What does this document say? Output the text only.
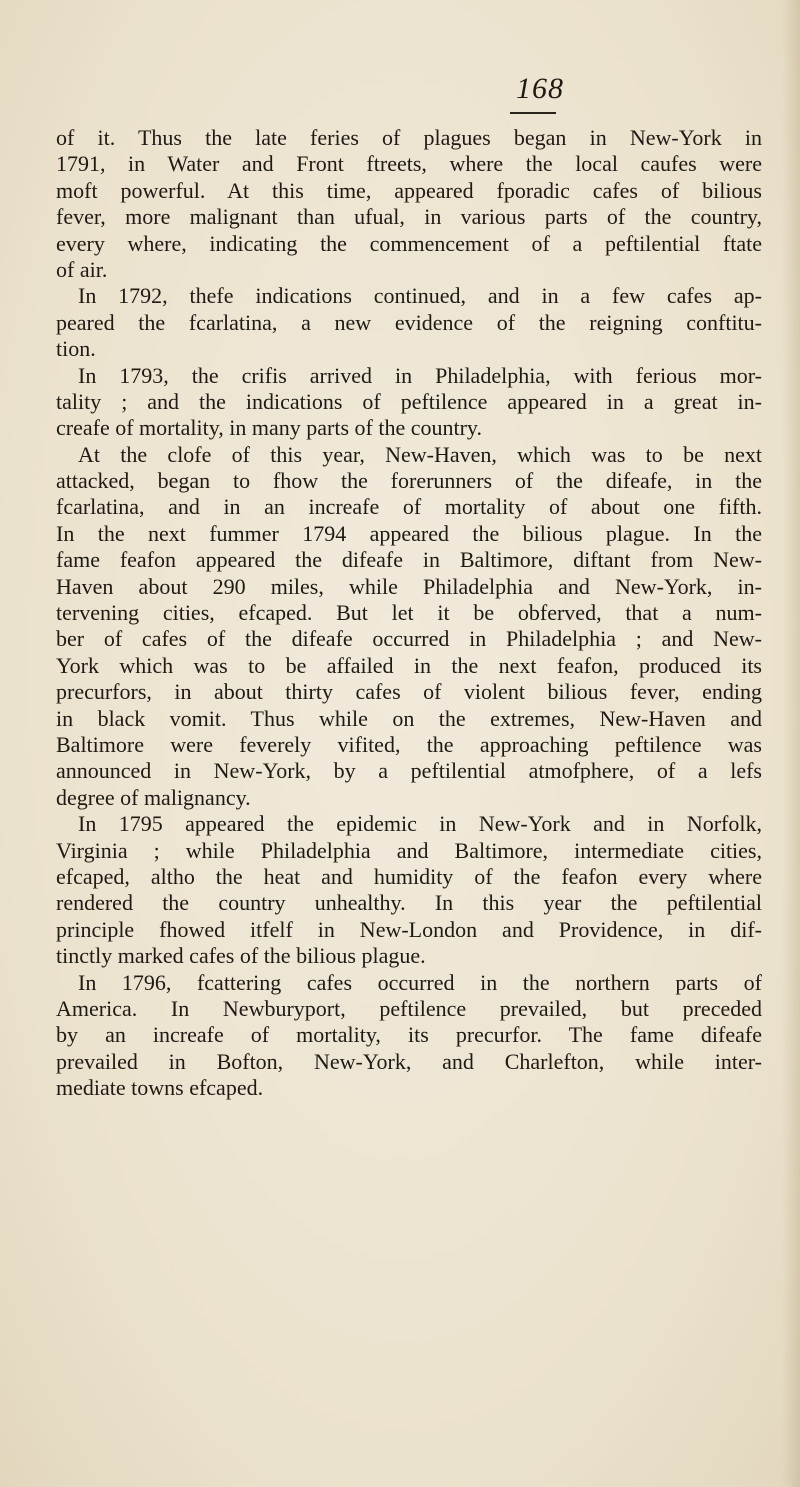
168
of it. Thus the late feries of plagues began in New-York in
1791, in Water and Front ftreets, where the local caufes were
moft powerful. At this time, appeared fporadic cafes of bilious
fever, more malignant than ufual, in various parts of the country,
every where, indicating the commencement of a peftilential ftate
of air.
In 1792, thefe indications continued, and in a few cafes ap-
peared the fcarlatina, a new evidence of the reigning conftitu-
tion.
In 1793, the crifis arrived in Philadelphia, with ferious mor-
tality ; and the indications of peftilence appeared in a great in-
creafe of mortality, in many parts of the country.
At the clofe of this year, New-Haven, which was to be next
attacked, began to fhow the forerunners of the difeafe, in the
fcarlatina, and in an increafe of mortality of about one fifth.
In the next fummer 1794 appeared the bilious plague. In the
fame feafon appeared the difeafe in Baltimore, diftant from New-
Haven about 290 miles, while Philadelphia and New-York, in-
tervening cities, efcaped. But let it be obferved, that a num-
ber of cafes of the difeafe occurred in Philadelphia ; and New-
York which was to be affailed in the next feafon, produced its
precurfors, in about thirty cafes of violent bilious fever, ending
in black vomit. Thus while on the extremes, New-Haven and
Baltimore were feverely vifited, the approaching peftilence was
announced in New-York, by a peftilential atmofphere, of a lefs
degree of malignancy.
In 1795 appeared the epidemic in New-York and in Norfolk,
Virginia ; while Philadelphia and Baltimore, intermediate cities,
efcaped, altho the heat and humidity of the feafon every where
rendered the country unhealthy. In this year the peftilential
principle fhowed itfelf in New-London and Providence, in dif-
tinctly marked cafes of the bilious plague.
In 1796, fcattering cafes occurred in the northern parts of
America. In Newburyport, peftilence prevailed, but preceded
by an increafe of mortality, its precurfor. The fame difeafe
prevailed in Bofton, New-York, and Charlefton, while inter-
mediate towns efcaped.
